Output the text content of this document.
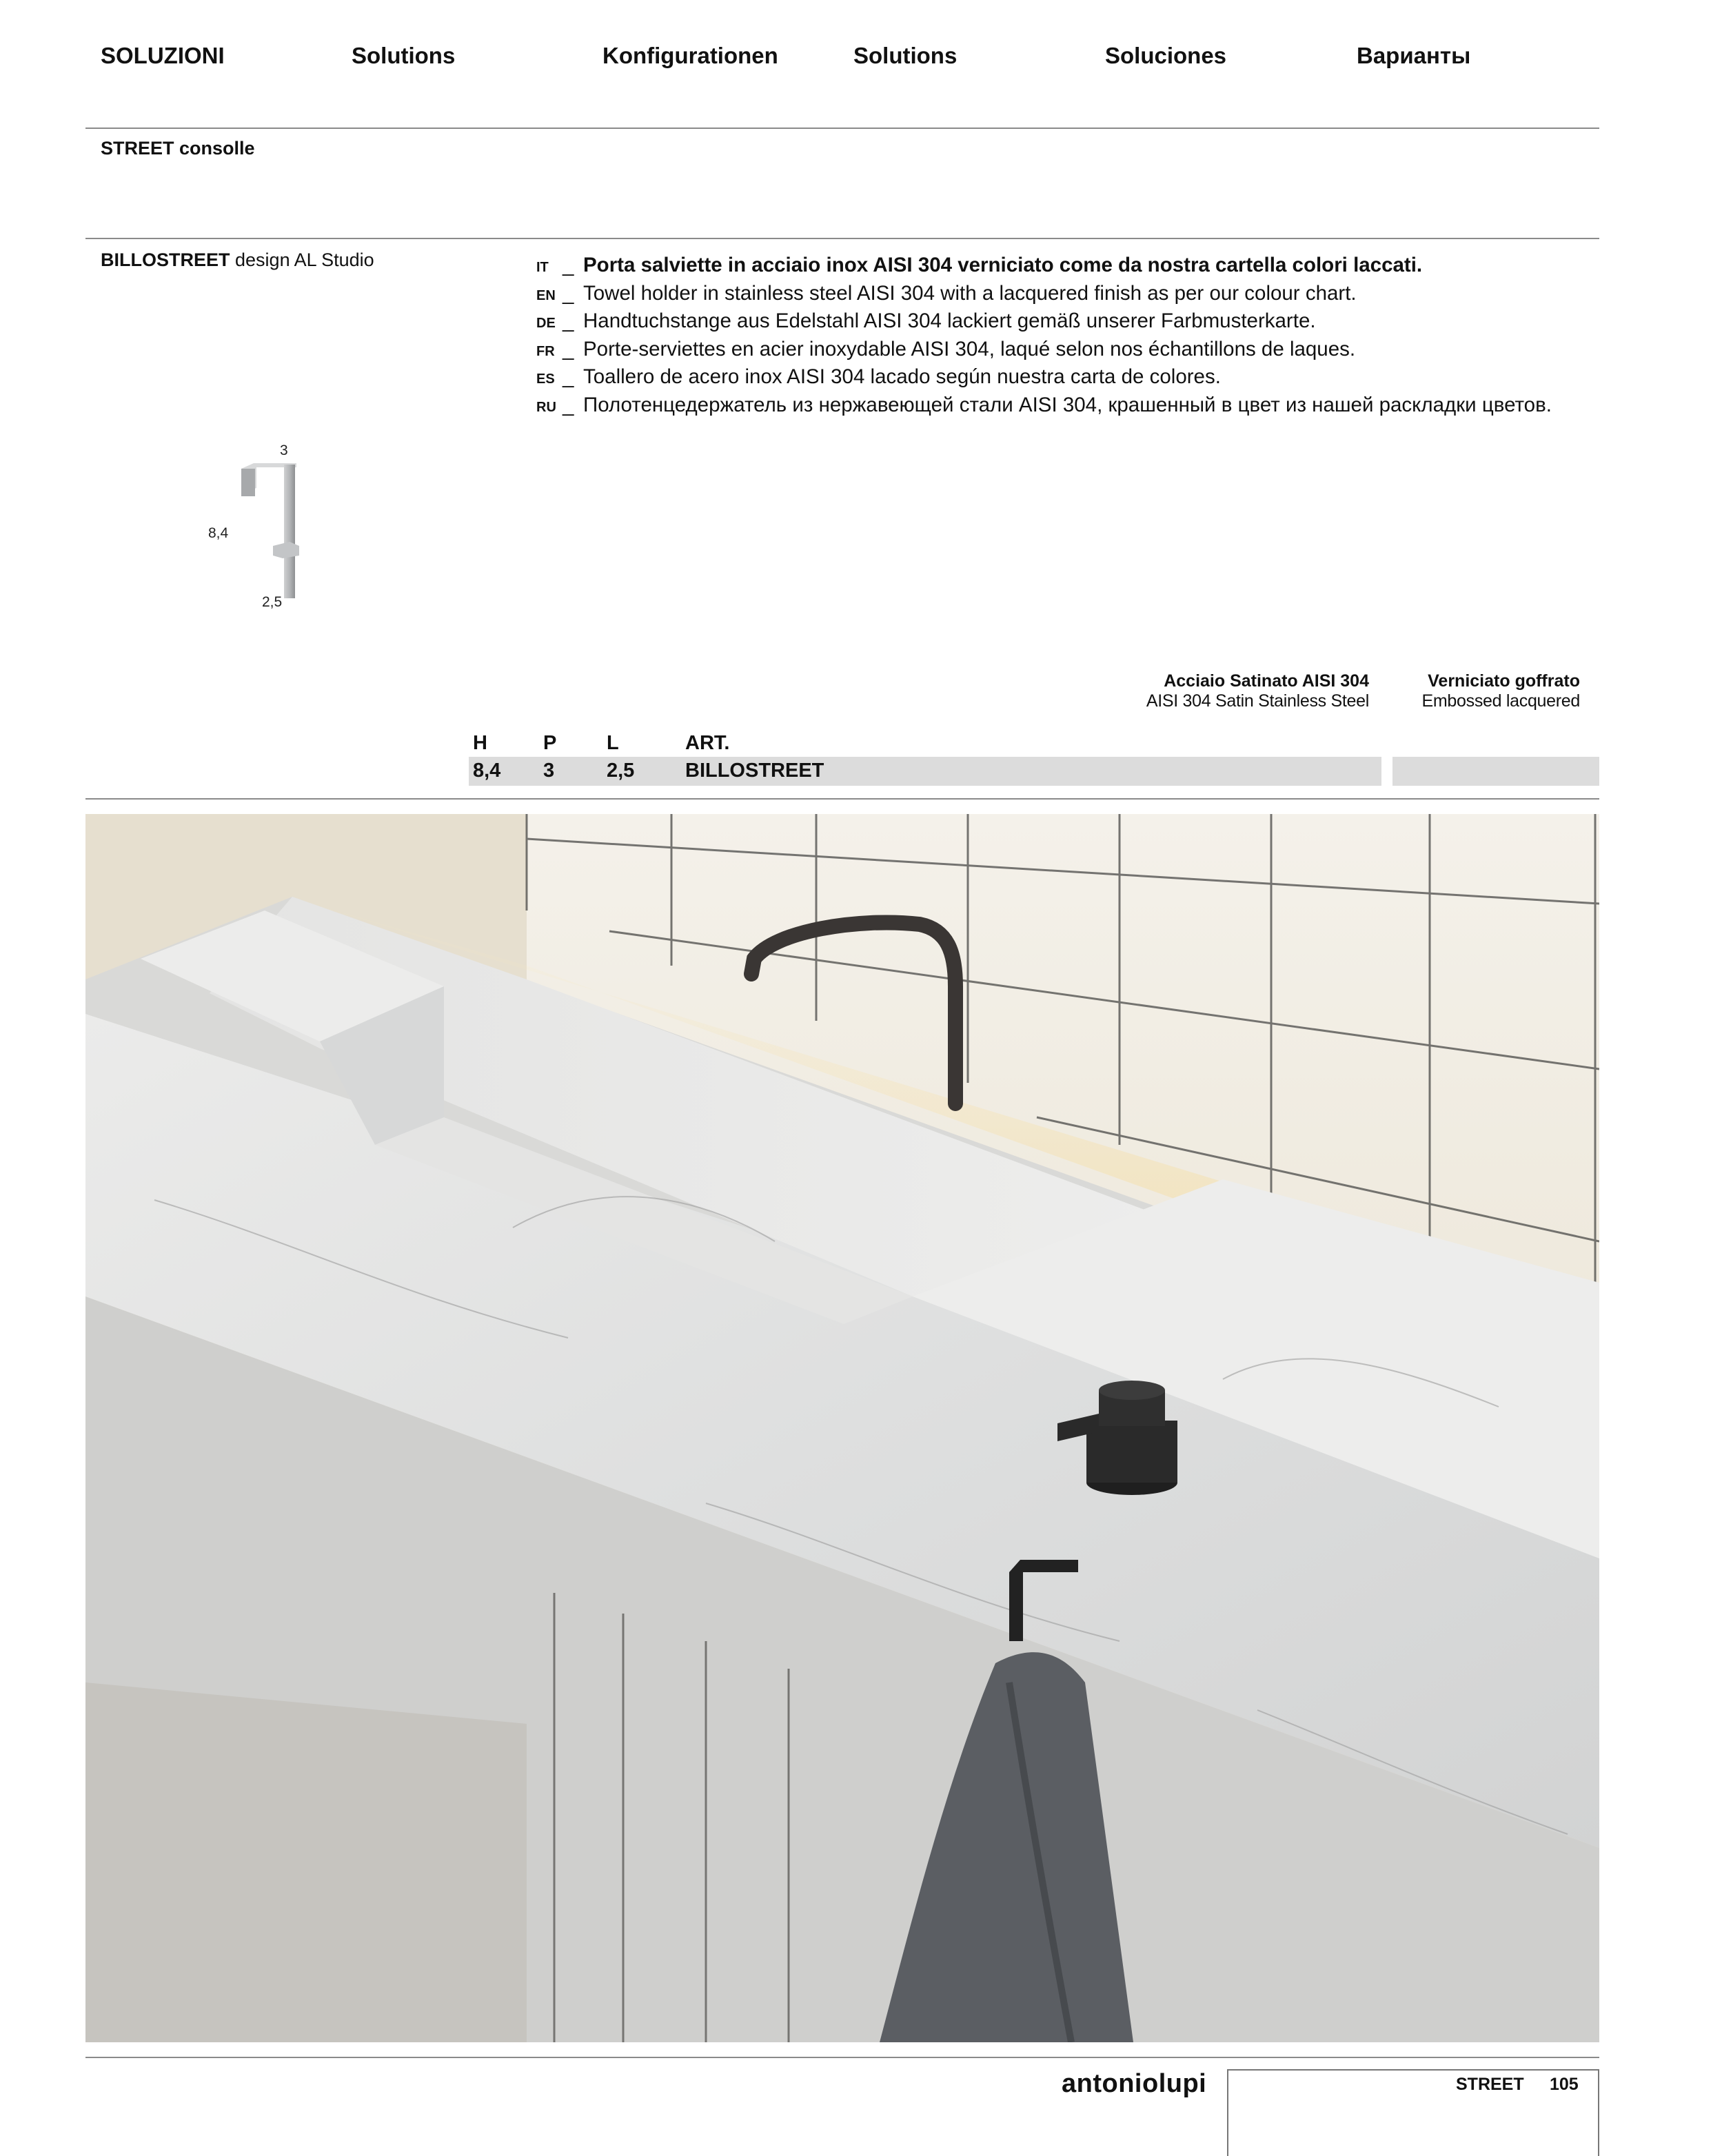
SOLUZIONI	Solutions	Konfigurationen	Solutions	Soluciones	Варианты
STREET consolle
BILLOSTREET design AL Studio	IT _ Porta salviette in acciaio inox AISI 304 verniciato come da nostra cartella colori laccati.
EN _ Towel holder in stainless steel AISI 304 with a lacquered finish as per our colour chart.
DE _ Handtuchstange aus Edelstahl AISI 304 lackiert gemäß unserer Farbmusterkarte.
FR _ Porte-serviettes en acier inoxydable AISI 304, laqué selon nos échantillons de laques.
ES _ Toallero de acero inox AISI 304 lacado según nuestra carta de colores.
RU _ Полотенцедержатель из нержавеющей стали AISI 304, крашенный в цвет из нашей раскладки цветов.
3
8,4
2,5
Acciaio Satinato AISI 304
AISI 304 Satin Stainless Steel
Verniciato goffrato
Embossed lacquered
H	P	L	ART.
8,4 3	2,5	BILLOSTREET
antoniolupi	STREET 105
